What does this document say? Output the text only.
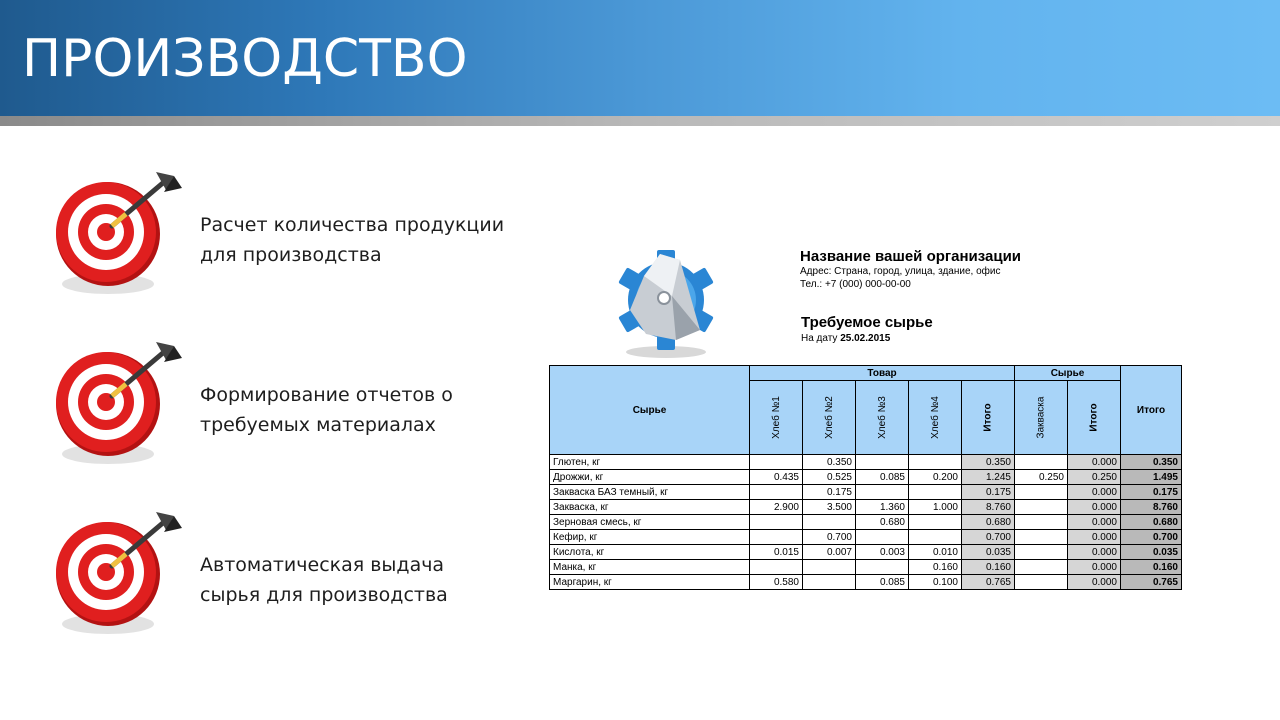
ПРОИЗВОДСТВО
Расчет количества продукции
для производства
Формирование отчетов о
требуемых материалах
Автоматическая выдача
сырья для производства
Название вашей организации
Адрес: Страна, город, улица, здание, офис
Тел.: +7 (000) 000-00-00
Требуемое сырье
На дату 25.02.2015
Сырье	Товар					Сырье		Итого
	Хлеб №1	Хлеб №2	Хлеб №3	Хлеб №4	Итого	Закваска	Итого	
Глютен, кг		0.350			0.350		0.000	0.350
Дрожжи, кг	0.435	0.525	0.085	0.200	1.245	0.250	0.250	1.495
Закваска БАЗ темный, кг		0.175			0.175		0.000	0.175
Закваска, кг	2.900	3.500	1.360	1.000	8.760		0.000	8.760
Зерновая смесь, кг			0.680		0.680		0.000	0.680
Кефир, кг		0.700			0.700		0.000	0.700
Кислота, кг	0.015	0.007	0.003	0.010	0.035		0.000	0.035
Манка, кг				0.160	0.160		0.000	0.160
Маргарин, кг	0.580		0.085	0.100	0.765		0.000	0.765
